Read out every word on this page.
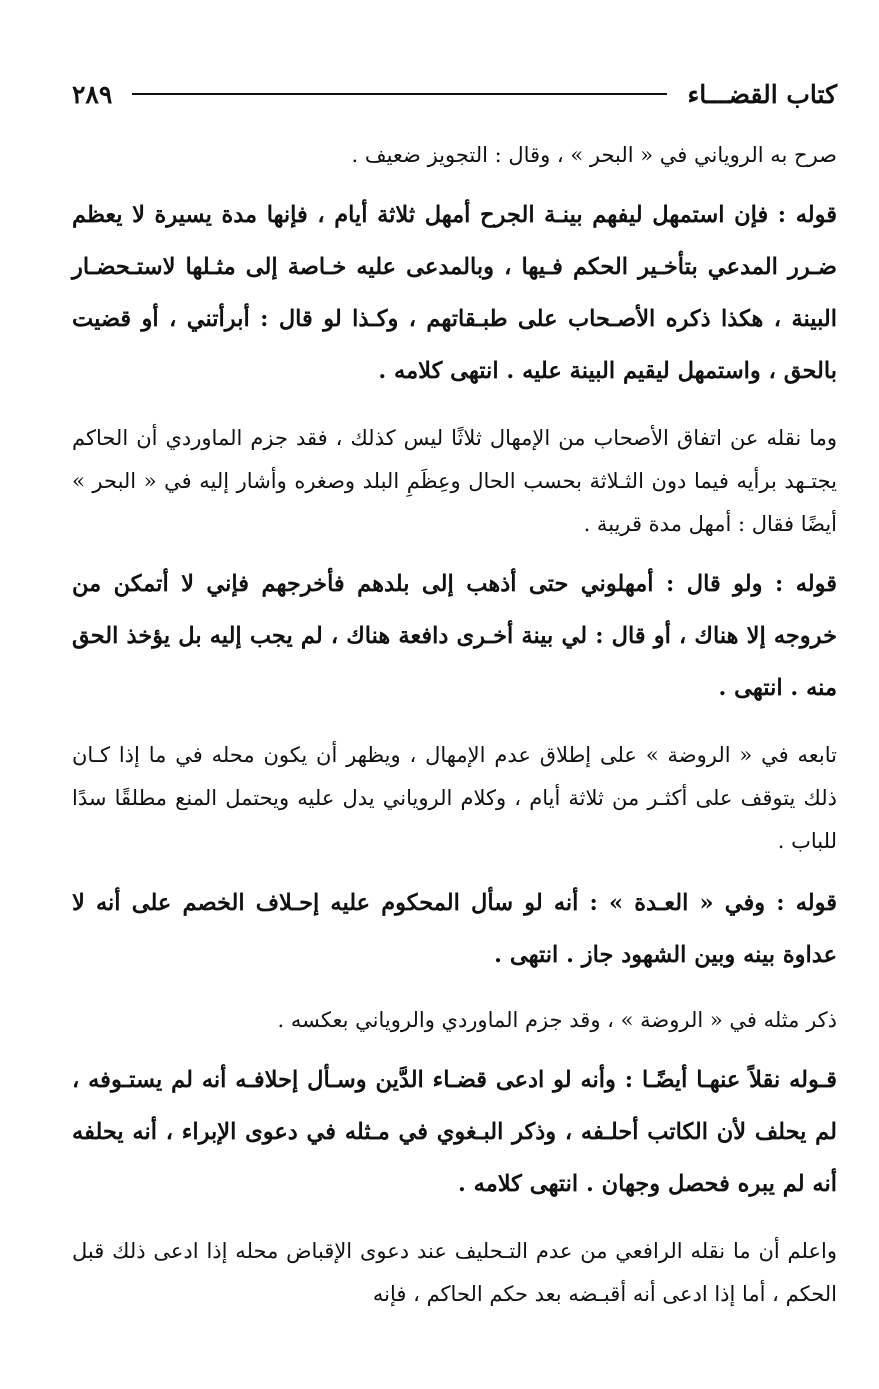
كتاب القضـــاء
٢٨٩

صرح به الروياني في « البحر » ، وقال : التجويز ضعيف .

قوله : فإن استمهل ليفهم بينـة الجرح أمهل ثلاثة أيام ، فإنها مدة يسيرة لا يعظم ضـرر المدعي بتأخـير الحكم فـيها ، وبالمدعى عليه خـاصة إلى مثـلها لاستـحضـار البينة ، هكذا ذكره الأصـحاب على طبـقاتهم ، وكـذا لو قال : أبرأتني ، أو قضيت بالحق ، واستمهل ليقيم البينة عليه . انتهى كلامه .

وما نقله عن اتفاق الأصحاب من الإمهال ثلاثًا ليس كذلك ، فقد جزم الماوردي أن الحاكم يجتـهد برأيه فيما دون الثـلاثة بحسب الحال وعِظَمِ البلد وصغره وأشار إليه في « البحر » أيضًا فقال : أمهل مدة قريبة .

قوله : ولو قال : أمهلوني حتى أذهب إلى بلدهم فأخرجهم فإني لا أتمكن من خروجه إلا هناك ، أو قال : لي بينة أخـرى دافعة هناك ، لم يجب إليه بل يؤخذ الحق منه . انتهى .

تابعه في « الروضة » على إطلاق عدم الإمهال ، ويظهر أن يكون محله في ما إذا كـان ذلك يتوقف على أكثـر من ثلاثة أيام ، وكلام الروياني يدل عليه ويحتمل المنع مطلقًا سدًا للباب .

قوله : وفي « العـدة » : أنه لو سأل المحكوم عليه إحـلاف الخصم على أنه لا عداوة بينه وبين الشهود جاز . انتهى .

ذكر مثله في « الروضة » ، وقد جزم الماوردي والروياني بعكسه .

قـوله نقلاً عنهـا أيضًـا : وأنه لو ادعى قضـاء الدَّين وسـأل إحلافـه أنه لم يستـوفه ، لم يحلف لأن الكاتب أحلـفه ، وذكر البـغوي في مـثله في دعوى الإبراء ، أنه يحلفه أنه لم يبره فحصل وجهان . انتهى كلامه .

واعلم أن ما نقله الرافعي من عدم التـحليف عند دعوى الإقباض محله إذا ادعى ذلك قبل الحكم ، أما إذا ادعى أنه أقبـضه بعد حكم الحاكم ، فإنه
